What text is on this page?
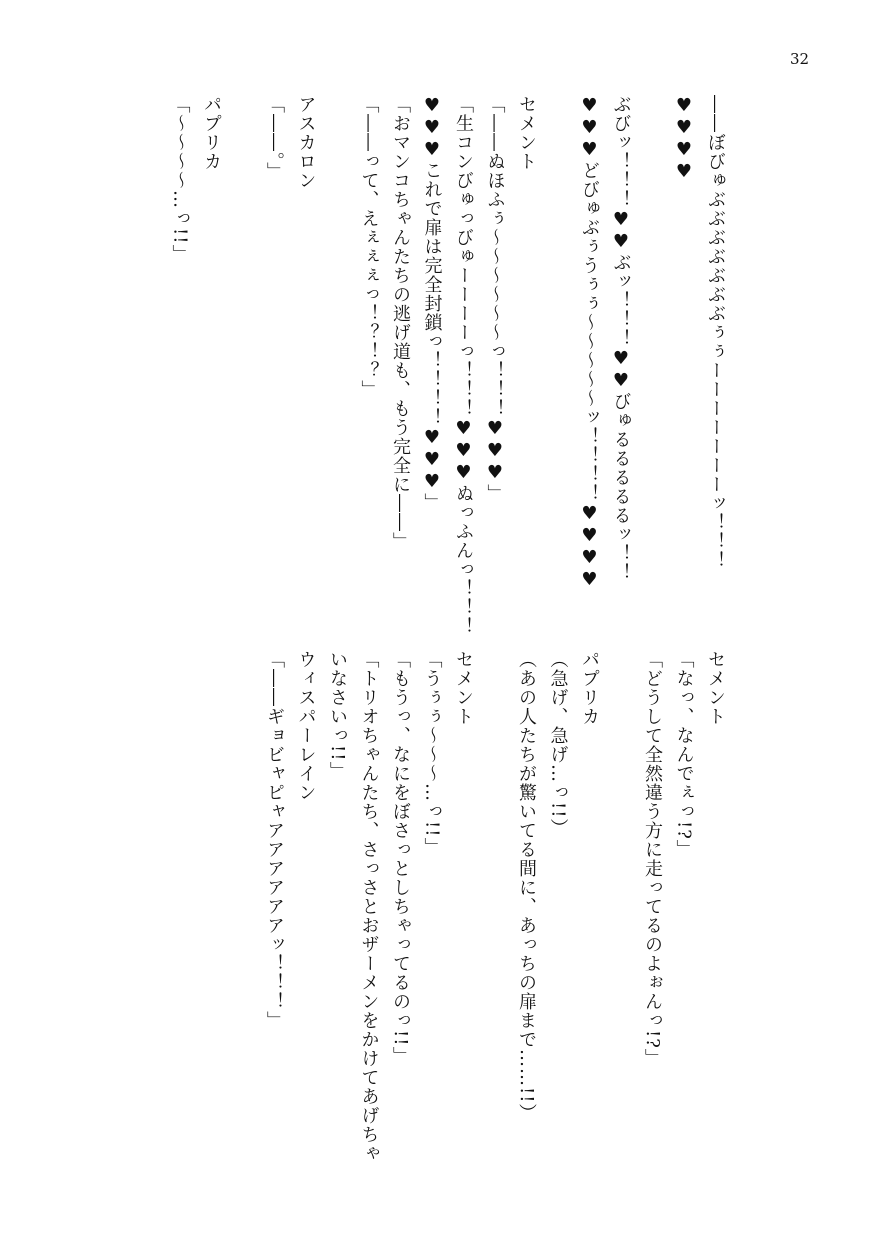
32
――ぼびゅぶぶぶぶぶぶぶぅぅーーーーーーーッ！！！
♥♥♥♥
ぶびッ！！！♥♥ぶッ！！！♥♥びゅるるるるるッ！！
♥♥♥どびゅぶぅうぅぅ〜〜〜〜〜ッ！！！！♥♥♥♥
セメント
「――ぬほふぅ〜〜〜〜〜〜っ！！！♥♥♥」
「生コンびゅっびゅーーーーっ！！！♥♥♥ぬっふんっ！！！
♥♥♥これで扉は完全封鎖っ！！！！♥♥♥」
「おマンコちゃんたちの逃げ道も、もう完全に――」
「――って、えぇぇぇっ！？！？」
アスカロン
「――。」
パプリカ
「〜〜〜〜…っ!!」
セメント
「なっ、なんでぇっ!?」
「どうして全然違う方に走ってるのよぉんっ!?」
パプリカ
（急げ、急げ…っ!!）
（あの人たちが驚いてる間に、あっちの扉まで……!!）
セメント
「うぅぅ〜〜〜…っ!!」
「もうっ、なにをぼさっとしちゃってるのっ!!」
「トリオちゃんたち、さっさとおザーメンをかけてあげちゃ
いなさいっ!!」
ウィスパーレイン
「――ギョビャピャアアアアアアッ！！！」
